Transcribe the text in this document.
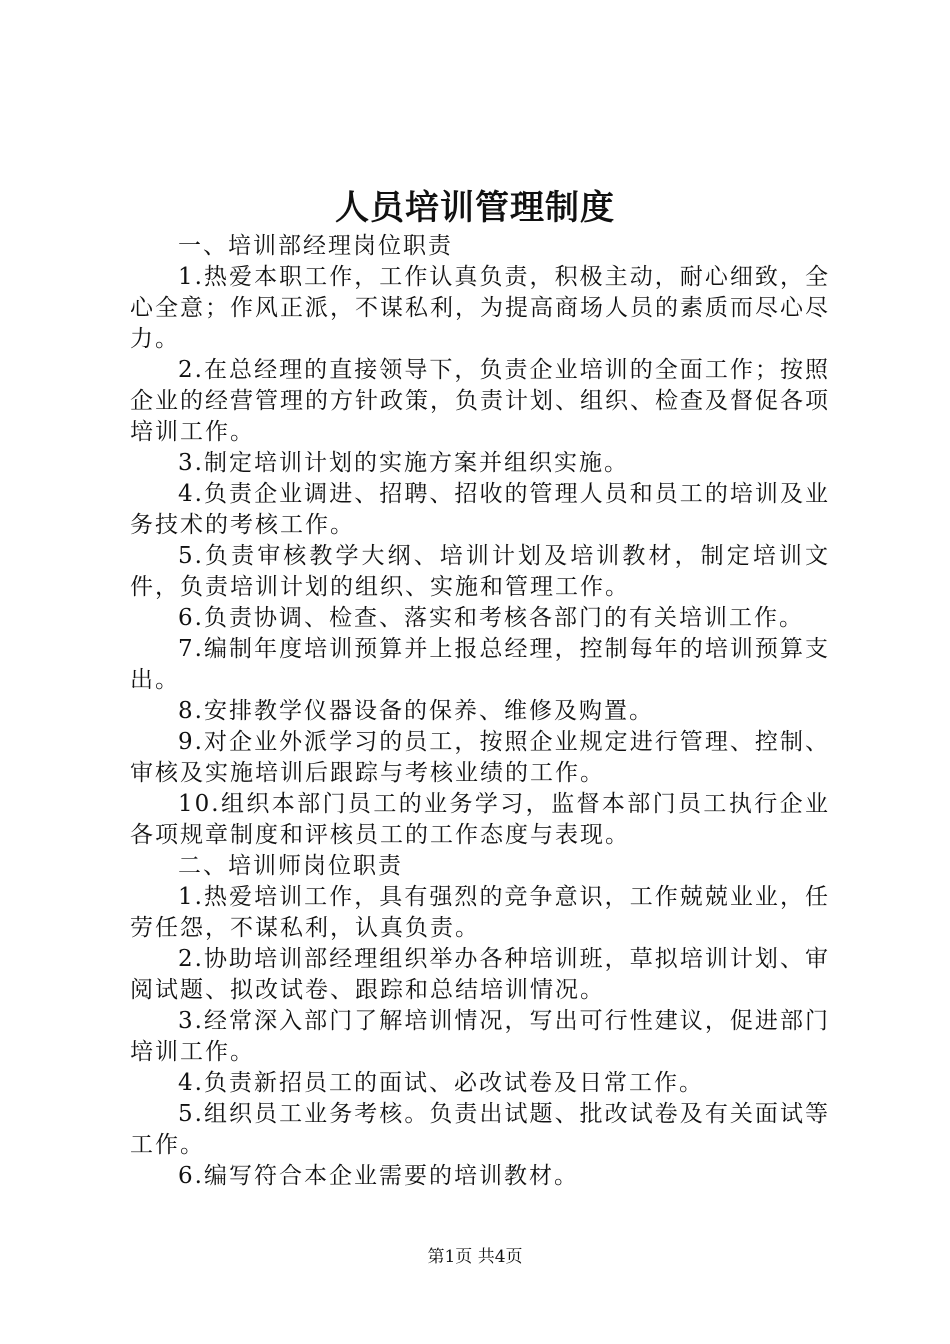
人员培训管理制度

一、培训部经理岗位职责

1.热爱本职工作，工作认真负责，积极主动，耐心细致，全心全意；作风正派，不谋私利，为提高商场人员的素质而尽心尽力。

2.在总经理的直接领导下，负责企业培训的全面工作；按照企业的经营管理的方针政策，负责计划、组织、检查及督促各项培训工作。

3.制定培训计划的实施方案并组织实施。

4.负责企业调进、招聘、招收的管理人员和员工的培训及业务技术的考核工作。

5.负责审核教学大纲、培训计划及培训教材，制定培训文件，负责培训计划的组织、实施和管理工作。

6.负责协调、检查、落实和考核各部门的有关培训工作。

7.编制年度培训预算并上报总经理，控制每年的培训预算支出。

8.安排教学仪器设备的保养、维修及购置。

9.对企业外派学习的员工，按照企业规定进行管理、控制、审核及实施培训后跟踪与考核业绩的工作。

10.组织本部门员工的业务学习，监督本部门员工执行企业各项规章制度和评核员工的工作态度与表现。

二、培训师岗位职责

1.热爱培训工作，具有强烈的竞争意识，工作兢兢业业，任劳任怨，不谋私利，认真负责。

2.协助培训部经理组织举办各种培训班，草拟培训计划、审阅试题、拟改试卷、跟踪和总结培训情况。

3.经常深入部门了解培训情况，写出可行性建议，促进部门培训工作。

4.负责新招员工的面试、必改试卷及日常工作。

5.组织员工业务考核。负责出试题、批改试卷及有关面试等工作。

6.编写符合本企业需要的培训教材。

第1页 共4页
